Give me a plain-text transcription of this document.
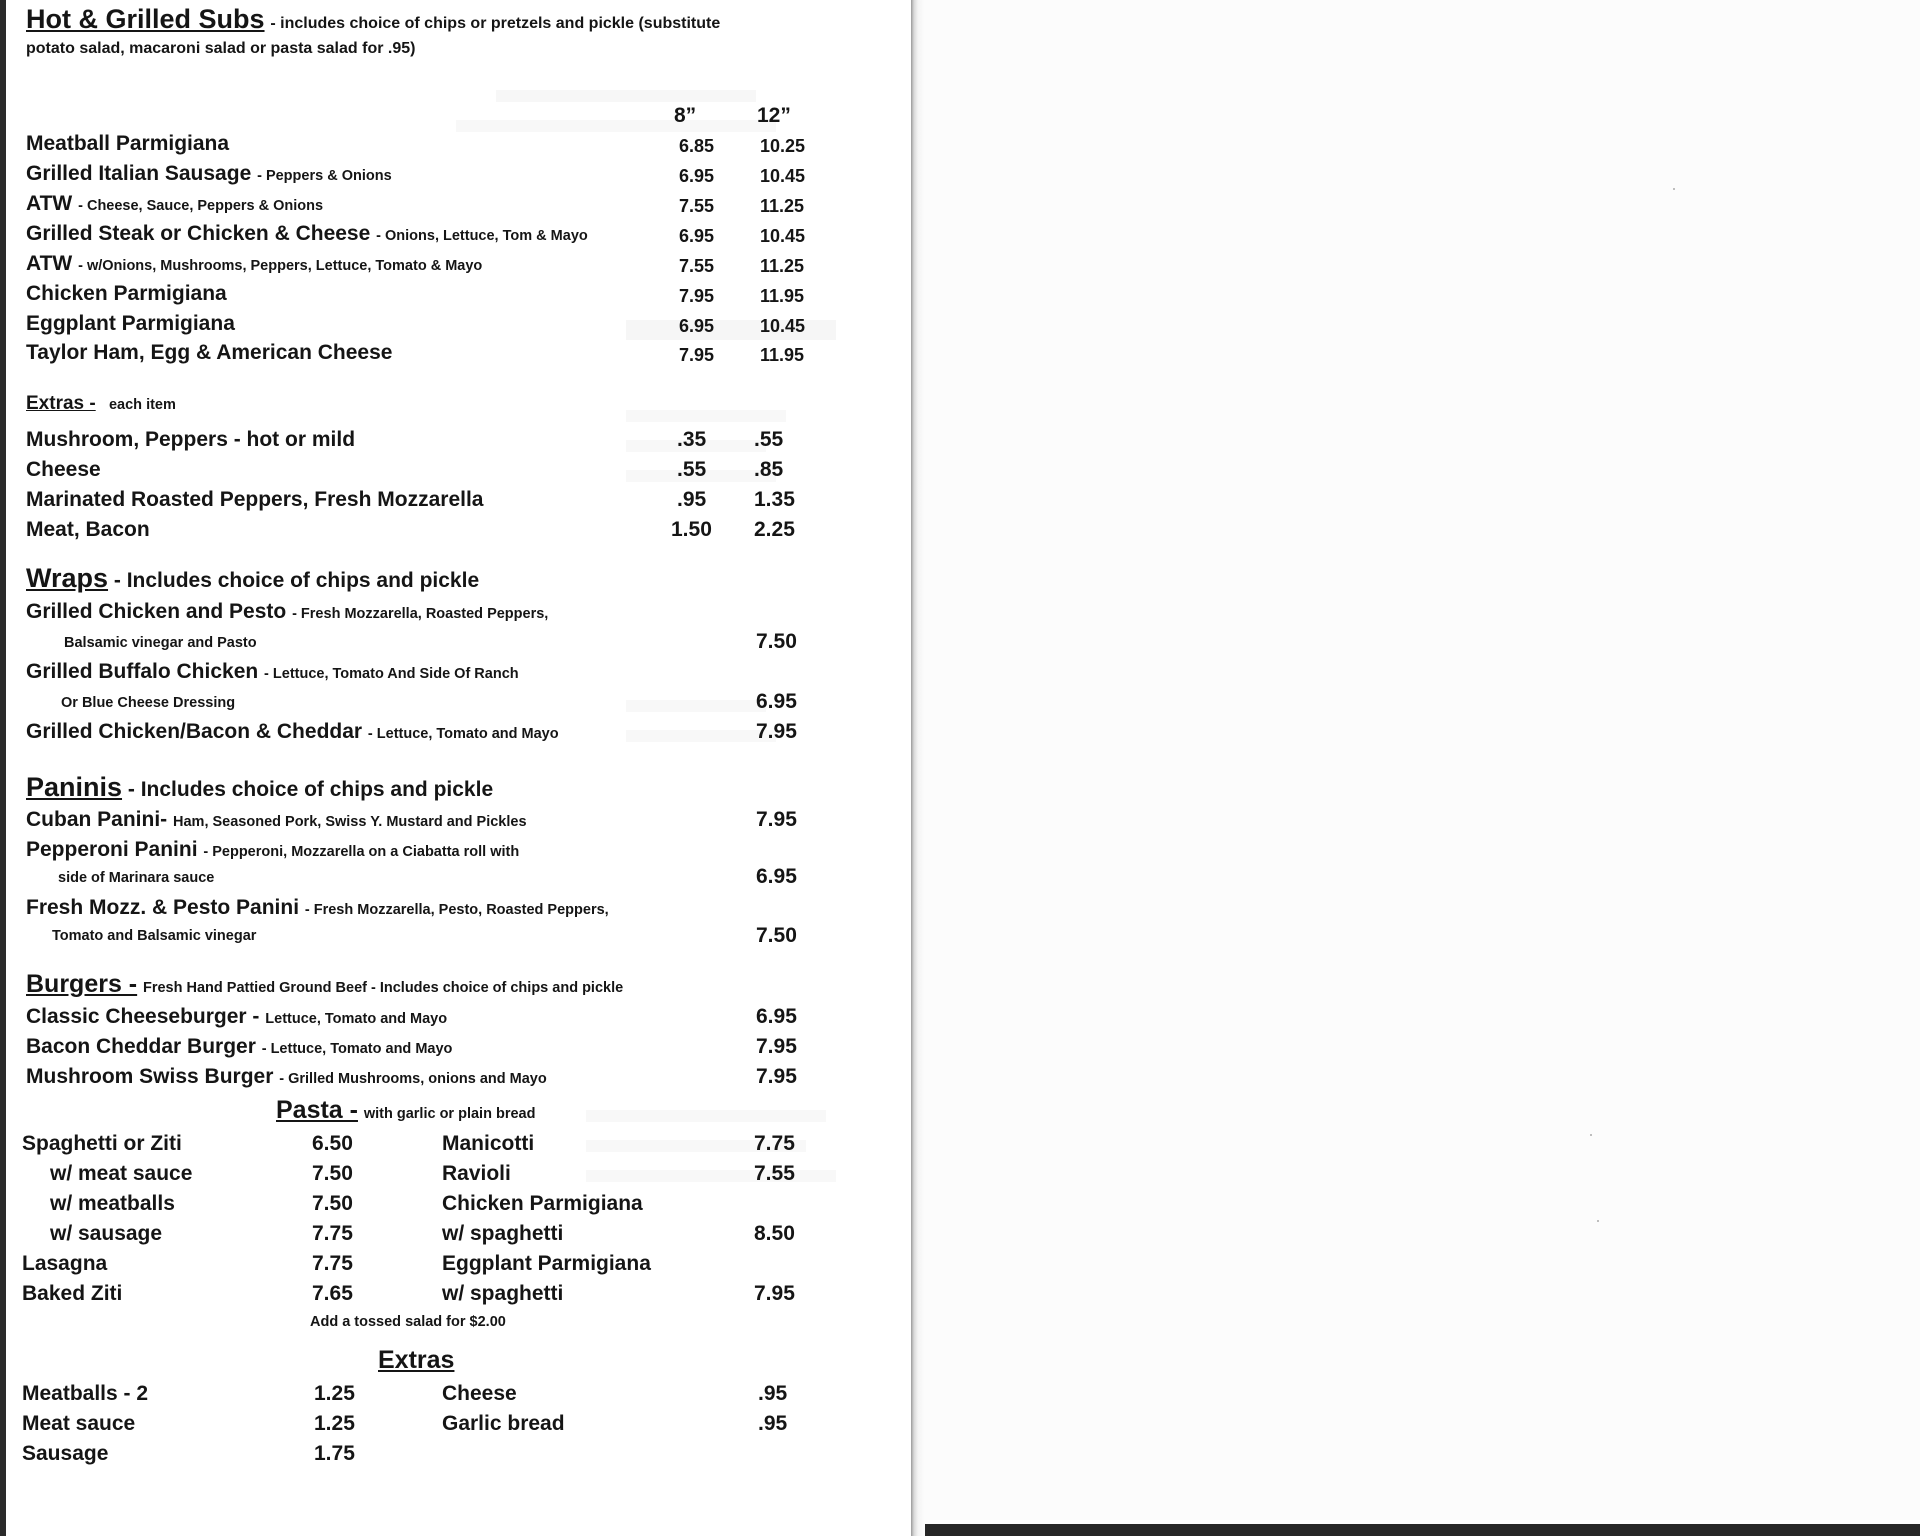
Hot & Grilled Subs - includes choice of chips or pretzels and pickle (substitute
potato salad, macaroni salad or pasta salad for .95)
8”	12”
Meatball Parmigiana	6.85	10.25
Grilled Italian Sausage - Peppers & Onions	6.95	10.45
ATW - Cheese, Sauce, Peppers & Onions	7.55	11.25
Grilled Steak or Chicken & Cheese - Onions, Lettuce, Tom & Mayo	6.95	10.45
ATW - w/Onions, Mushrooms, Peppers, Lettuce, Tomato & Mayo	7.55	11.25
Chicken Parmigiana	7.95	11.95
Eggplant Parmigiana	6.95	10.45
Taylor Ham, Egg & American Cheese	7.95	11.95
Extras - each item
Mushroom, Peppers - hot or mild	.35 .55
Cheese	.55 .85
Marinated Roasted Peppers, Fresh Mozzarella	.95 1.35
Meat, Bacon	1.50 2.25
Wraps - Includes choice of chips and pickle
Grilled Chicken and Pesto - Fresh Mozzarella, Roasted Peppers,
Balsamic vinegar and Pasto	7.50
Grilled Buffalo Chicken - Lettuce, Tomato And Side Of Ranch
Or Blue Cheese Dressing	6.95
Grilled Chicken/Bacon & Cheddar - Lettuce, Tomato and Mayo	7.95
Paninis - Includes choice of chips and pickle
Cuban Panini- Ham, Seasoned Pork, Swiss Y. Mustard and Pickles	7.95
Pepperoni Panini - Pepperoni, Mozzarella on a Ciabatta roll with
side of Marinara sauce	6.95
Fresh Mozz. & Pesto Panini - Fresh Mozzarella, Pesto, Roasted Peppers,
Tomato and Balsamic vinegar	7.50
Burgers - Fresh Hand Pattied Ground Beef - Includes choice of chips and pickle
Classic Cheeseburger - Lettuce, Tomato and Mayo	6.95
Bacon Cheddar Burger - Lettuce, Tomato and Mayo	7.95
Mushroom Swiss Burger - Grilled Mushrooms, onions and Mayo	7.95
Pasta - with garlic or plain bread
Spaghetti or Ziti	6.50
w/ meat sauce	7.50
w/ meatballs	7.50
w/ sausage	7.75
Lasagna	7.75
Baked Ziti	7.65
Manicotti	7.75
Ravioli	7.55
Chicken Parmigiana
w/ spaghetti	8.50
Eggplant Parmigiana
w/ spaghetti	7.95
Add a tossed salad for $2.00
Extras
Meatballs - 2	1.25
Meat sauce	1.25
Sausage	1.75
Cheese	.95
Garlic bread	.95
